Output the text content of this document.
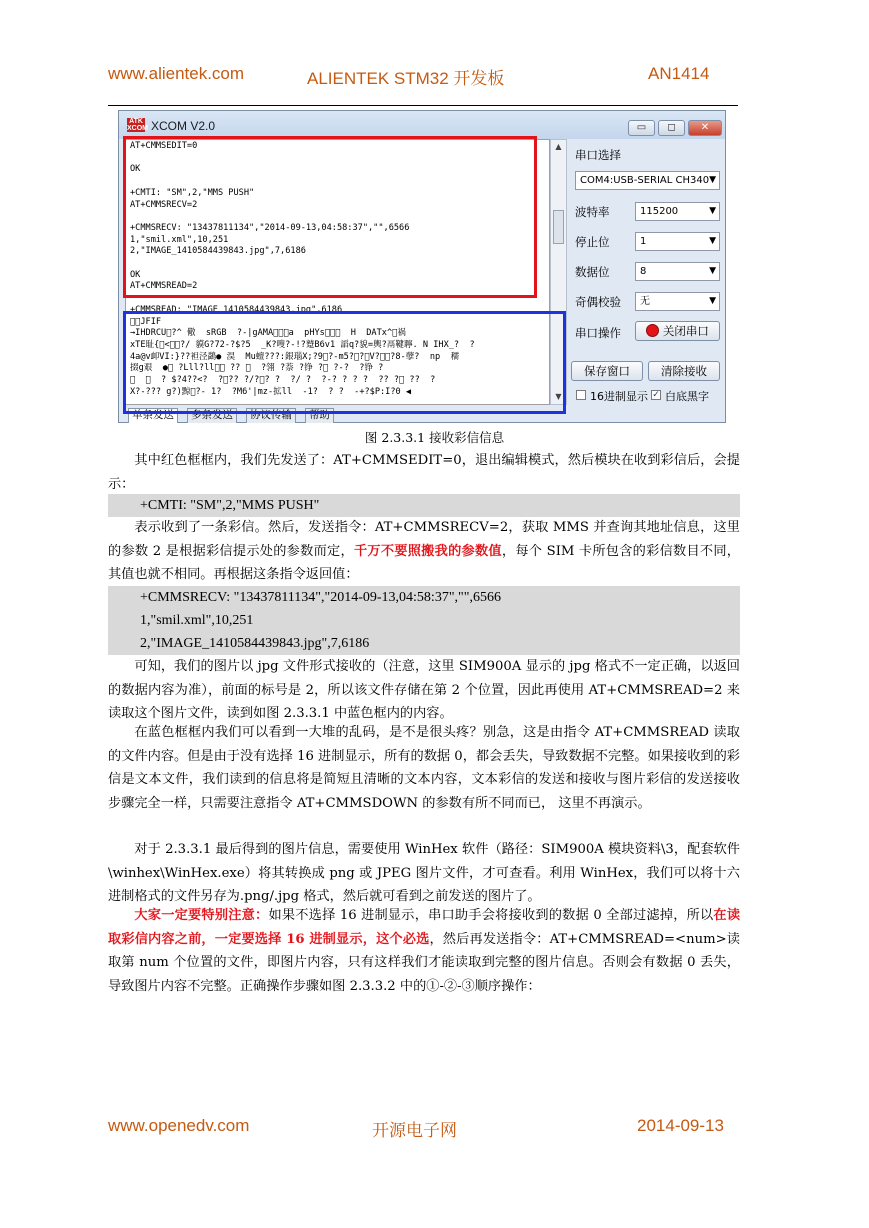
www.alientek.com	ALIENTEK STM32 开发板	AN1414
ATK
XCOM XCOM V2.0	▭	◻	✕
AT+CMMSEDIT=0

OK

+CMTI: "SM",2,"MMS PUSH"
AT+CMMSRECV=2

+CMMSRECV: "13437811134","2014-09-13,04:58:37","",6566
1,"smil.xml",10,251
2,"IMAGE_1410584439843.jpg",7,6186

OK
AT+CMMSREAD=2

+CMMSREAD: "IMAGE_1410584439843.jpg",6186
  JFIF
→IHDRCU ?^ 儆  sRGB  ?-|gAMA   a  pHYs     Н  DATx^ 祸
xTE耻{ <  ?/ 貘G?72-?$?5  _K?嗖?-!?蹵B6v1 謟q?貌=輿?鬲鞬聹. N IHX_?  ?
4a@v卹VI:}??袒泾鷁● 淏  Mu蟺???:銀瑙X;?9 ?-m5? ? V?  ?8-孽?  np  穤
掇g艰  ●  ?Lll?ll   ??    ?翎 ?萘 ?铮 ?  ?-?  ?铮 ?
      ? $?4??<?  ? ?? ?/? ? ?  ?/ ?  ?-? ? ? ?  ?? ?  ??  ?
X?-??? g?)黥 ?- 1?  ?M6'|mz-拡ll  -1?  ? ?  -+?$P:I?0 ◀
▲
▼
串口选择
COM4:USB-SERIAL CH340 ▼
波特率	115200	▼
停止位	1	▼
数据位	8	▼
奇偶校验	无	▼
串口操作	关闭串口
保存窗口	清除接收
16进制显示 ✓ 白底黑字
单条发送	多条发送	协议传输	帮助
图 2.3.3.1 接收彩信信息
其中红色框框内，我们先发送了：AT+CMMSEDIT=0，退出编辑模式，然后模块在收到彩信后，会提示：
+CMTI: "SM",2,"MMS PUSH"
表示收到了一条彩信。然后，发送指令：AT+CMMSRECV=2，获取 MMS 并查询其地址信息，这里的参数 2 是根据彩信提示处的参数而定，千万不要照搬我的参数值，每个 SIM 卡所包含的彩信数目不同，其值也就不相同。再根据这条指令返回值：
+CMMSRECV: "13437811134","2014-09-13,04:58:37","",6566
1,"smil.xml",10,251
2,"IMAGE_1410584439843.jpg",7,6186
可知，我们的图片以 jpg 文件形式接收的（注意，这里 SIM900A 显示的 jpg 格式不一定正确，以返回的数据内容为准），前面的标号是 2，所以该文件存储在第 2 个位置，因此再使用 AT+CMMSREAD=2 来读取这个图片文件，读到如图 2.3.3.1 中蓝色框内的内容。
在蓝色框框内我们可以看到一大堆的乱码，是不是很头疼？别急，这是由指令 AT+CMMSREAD 读取的文件内容。但是由于没有选择 16 进制显示，所有的数据 0，都会丢失，导致数据不完整。如果接收到的彩信是文本文件，我们读到的信息将是简短且清晰的文本内容，文本彩信的发送和接收与图片彩信的发送接收步骤完全一样，只需要注意指令 AT+CMMSDOWN 的参数有所不同而已， 这里不再演示。
对于 2.3.3.1 最后得到的图片信息，需要使用 WinHex 软件（路径：SIM900A 模块资料\3，配套软件\winhex\WinHex.exe）将其转换成 png 或 JPEG 图片文件，才可查看。利用 WinHex，我们可以将十六进制格式的文件另存为.png/.jpg 格式，然后就可看到之前发送的图片了。
大家一定要特别注意：如果不选择 16 进制显示，串口助手会将接收到的数据 0 全部过滤掉，所以在读取彩信内容之前，一定要选择 16 进制显示，这个必选，然后再发送指令：AT+CMMSREAD=<num>读取第 num 个位置的文件，即图片内容，只有这样我们才能读取到完整的图片信息。否则会有数据 0 丢失，导致图片内容不完整。正确操作步骤如图 2.3.3.2 中的①-②-③顺序操作：
www.openedv.com	开源电子网	2014-09-13
